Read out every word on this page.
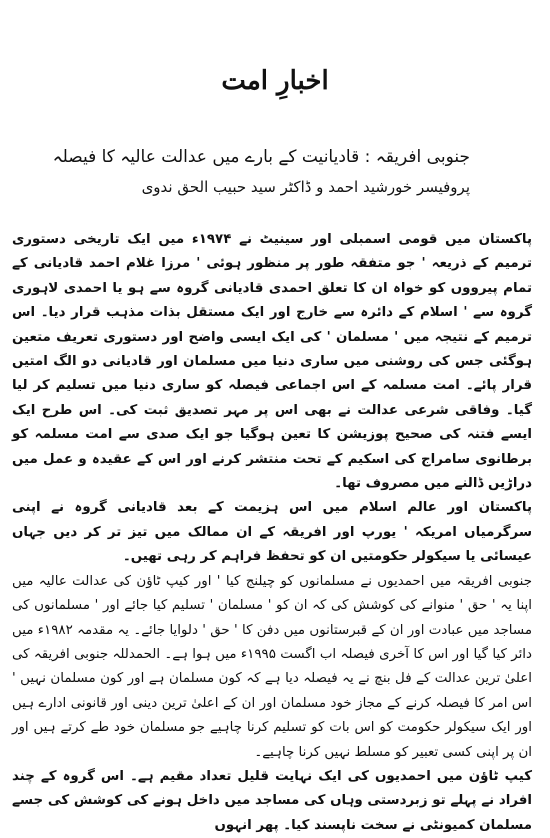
اخبارِ امت
جنوبی افریقہ : قادیانیت کے بارے میں عدالت عالیہ کا فیصلہ
پروفیسر خورشید احمد و ڈاکٹر سید حبیب الحق ندوی

پاکستان میں قومی اسمبلی اور سینیٹ نے ۱۹۷۴ء میں ایک تاریخی دستوری ترمیم کے ذریعہ ' جو متفقہ طور پر منظور ہوئی ' مرزا غلام احمد قادیانی کے تمام پیرووں کو خواہ ان کا تعلق احمدی قادیانی گروہ سے ہو یا احمدی لاہوری گروہ سے ' اسلام کے دائرہ سے خارج اور ایک مستقل بذات مذہب قرار دیا۔ اس ترمیم کے نتیجہ میں ' مسلمان ' کی ایک ایسی واضح اور دستوری تعریف متعین ہوگئی جس کی روشنی میں ساری دنیا میں مسلمان اور قادیانی دو الگ امتیں قرار پائے۔ امت مسلمہ کے اس اجماعی فیصلہ کو ساری دنیا میں تسلیم کر لیا گیا۔ وفاقی شرعی عدالت نے بھی اس پر مہر تصدیق ثبت کی۔ اس طرح ایک ایسے فتنہ کی صحیح پوزیشن کا تعین ہوگیا جو ایک صدی سے امت مسلمہ کو برطانوی سامراج کی اسکیم کے تحت منتشر کرنے اور اس کے عقیدہ و عمل میں دراڑیں ڈالنے میں مصروف تھا۔

پاکستان اور عالم اسلام میں اس ہزیمت کے بعد قادیانی گروہ نے اپنی سرگرمیاں امریکہ ' یورپ اور افریقہ کے ان ممالک میں تیز تر کر دیں جہاں عیسائی یا سیکولر حکومتیں ان کو تحفظ فراہم کر رہی تھیں۔

جنوبی افریقہ میں احمدیوں نے مسلمانوں کو چیلنج کیا ' اور کیپ ٹاؤن کی عدالت عالیہ میں اپنا یہ ' حق ' منوانے کی کوشش کی کہ ان کو ' مسلمان ' تسلیم کیا جائے اور ' مسلمانوں کی مساجد میں عبادت اور ان کے قبرستانوں میں دفن کا ' حق ' دلوایا جائے۔ یہ مقدمہ ۱۹۸۲ء میں دائر کیا گیا اور اس کا آخری فیصلہ اب اگست ۱۹۹۵ء میں ہوا ہے۔ الحمدللہ جنوبی افریقہ کی اعلیٰ ترین عدالت کے فل بنچ نے یہ فیصلہ دیا ہے کہ کون مسلمان ہے اور کون مسلمان نہیں ' اس امر کا فیصلہ کرنے کے مجاز خود مسلمان اور ان کے اعلیٰ ترین دینی اور قانونی ادارے ہیں اور ایک سیکولر حکومت کو اس بات کو تسلیم کرنا چاہیے جو مسلمان خود طے کرتے ہیں اور ان پر اپنی کسی تعبیر کو مسلط نہیں کرنا چاہیے۔

کیپ ٹاؤن میں احمدیوں کی ایک نہایت قلیل تعداد مقیم ہے۔ اس گروہ کے چند افراد نے پہلے تو زبردستی وہاں کی مساجد میں داخل ہونے کی کوشش کی جسے مسلمان کمیونٹی نے سخت ناپسند کیا۔ پھر انہوں
